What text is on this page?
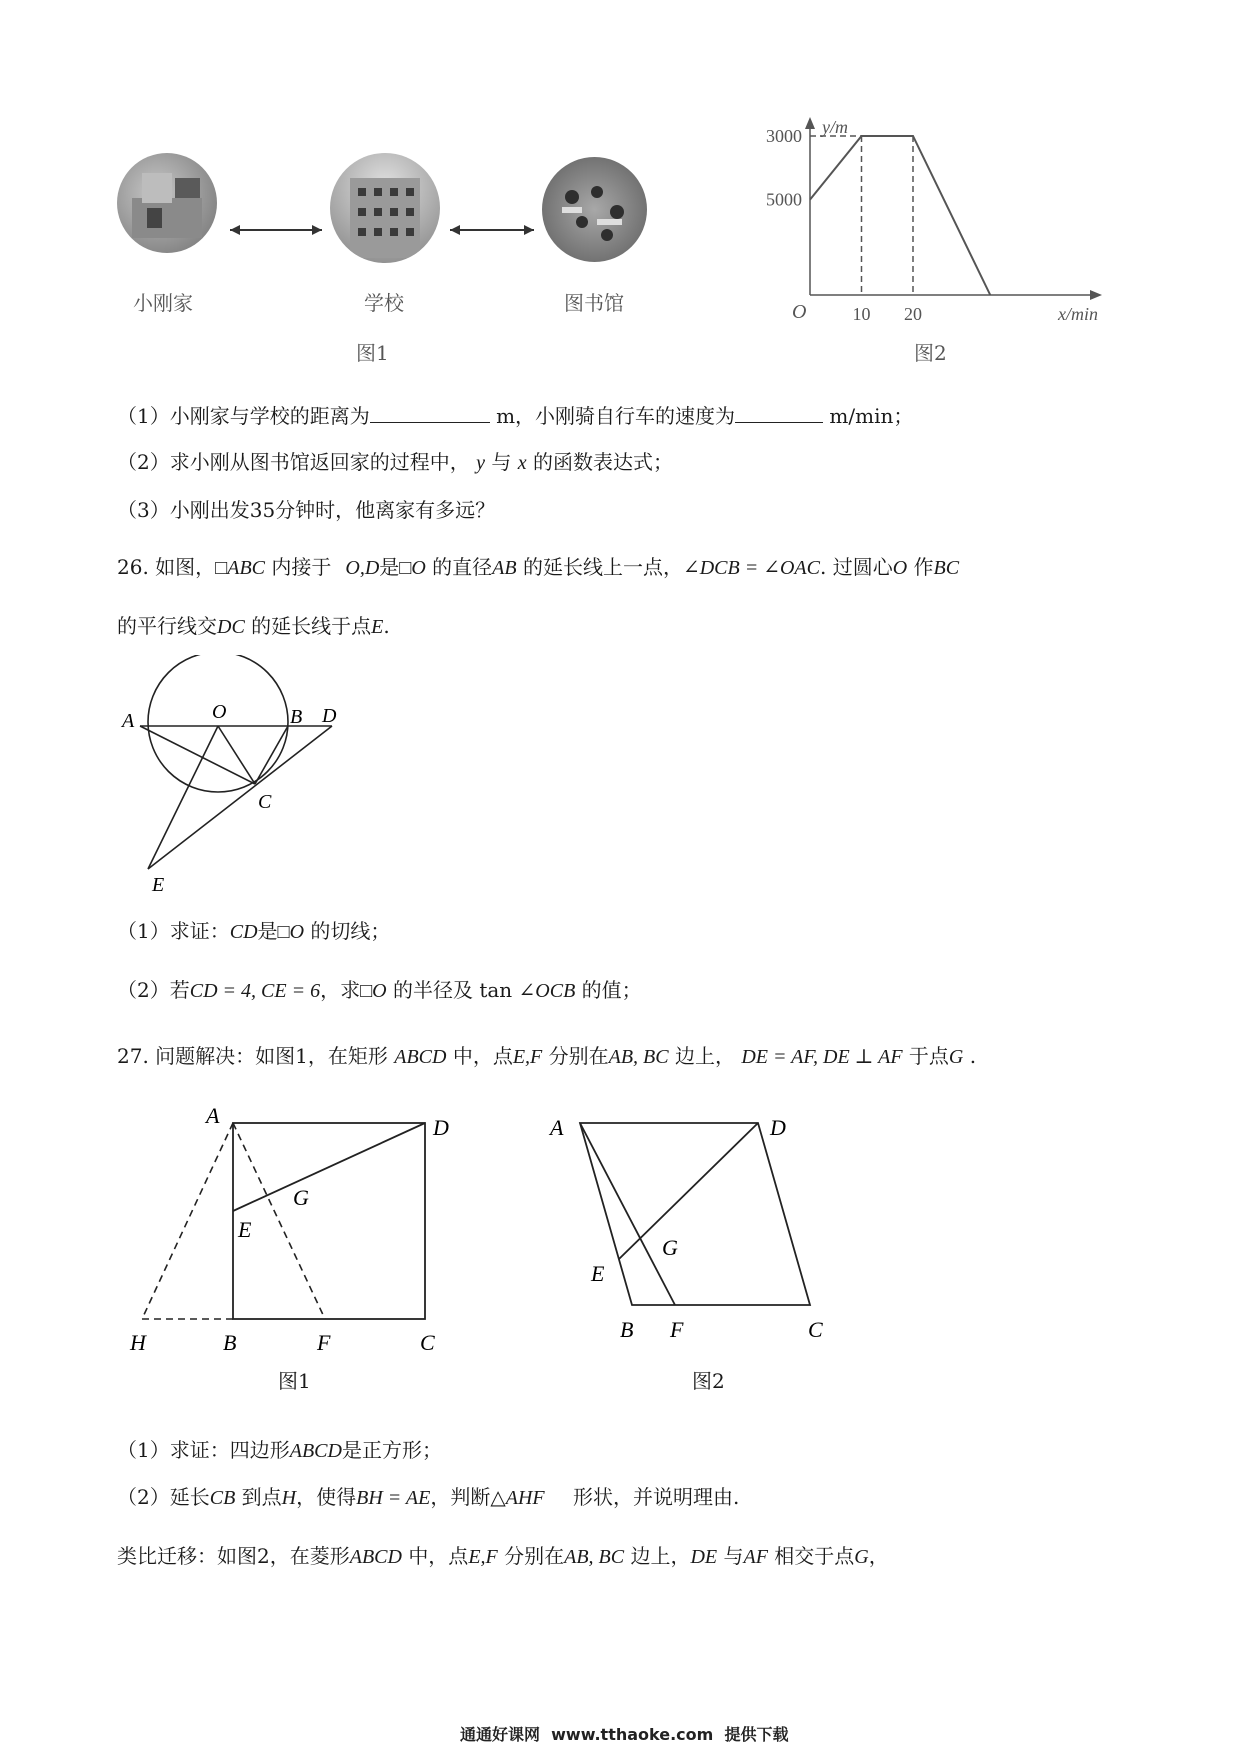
小刚家	学校	图书馆
图1
y/m
x/min
O
5000
3000
10 20
图2
（1）小刚家与学校的距离为	m，小刚骑自行车的速度为	m/min；
（2）求小刚从图书馆返回家的过程中， y 与 x 的函数表达式；
（3）小刚出发35分钟时，他离家有多远？
26. 如图，□ABC 内接于 O,D是□O 的直径AB 的延长线上一点，∠DCB = ∠OAC. 过圆心O 作BC
的平行线交DC 的延长线于点E.
A	O	B D
C
E
（1）求证：CD是□O 的切线；
（2）若CD = 4, CE = 6，求□O 的半径及 tan ∠OCB 的值；
27. 问题解决：如图1，在矩形 ABCD 中，点E,F 分别在AB, BC 边上， DE = AF, DE ⊥ AF 于点G .
A	D
G
E
H	B	F	C
图1
A	D
G
E
B F	C
图2
（1）求证：四边形ABCD是正方形；
（2）延长CB 到点H，使得BH = AE，判断△AHF 形状，并说明理由.
类比迁移：如图2，在菱形ABCD 中，点E,F 分别在AB, BC 边上，DE 与AF 相交于点G，
通通好课网  www.tthaoke.com  提供下载
